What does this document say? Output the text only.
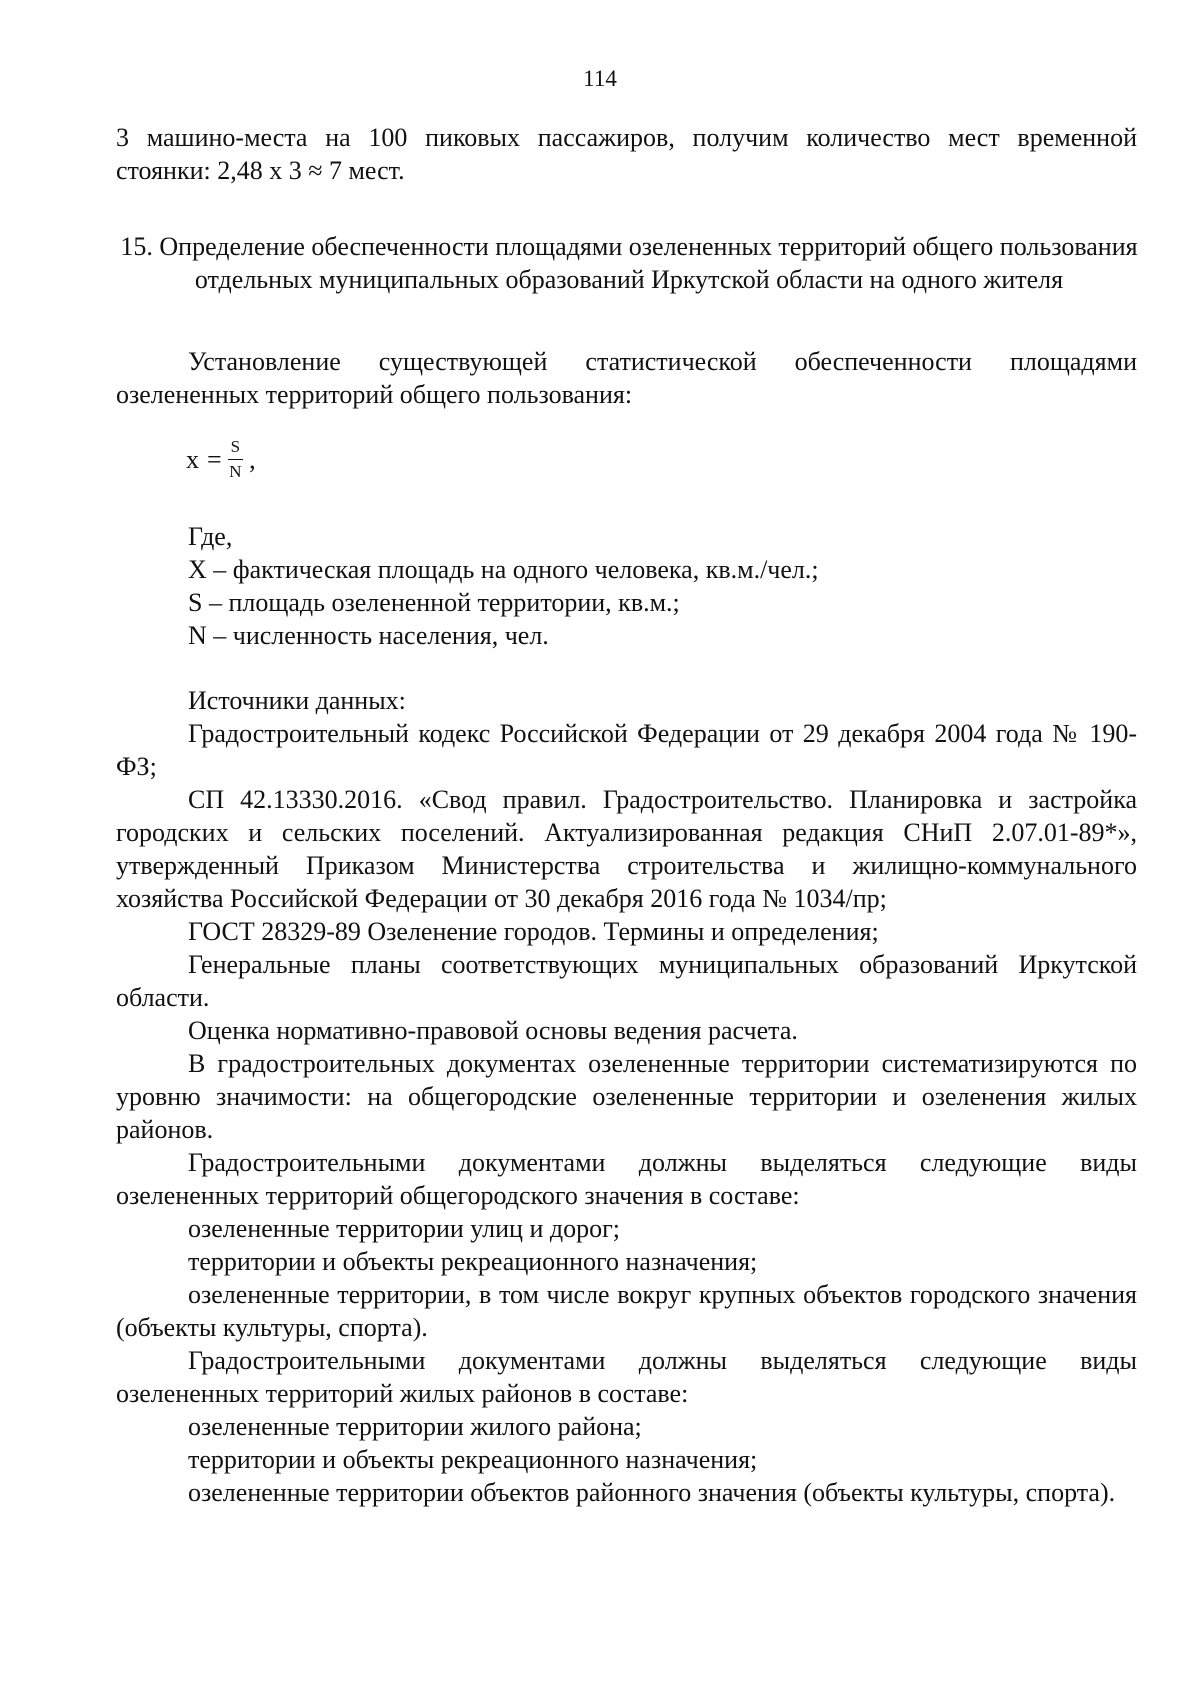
114
3 машино-места на 100 пиковых пассажиров, получим количество мест временной стоянки: 2,48 х 3 ≈ 7 мест.
15. Определение обеспеченности площадями озелененных территорий общего пользования отдельных муниципальных образований Иркутской области на одного жителя
Установление существующей статистической обеспеченности площадями озелененных территорий общего пользования:
$x = \frac{S}{N}$ ,
Где,
X – фактическая площадь на одного человека, кв.м./чел.;
S – площадь озелененной территории, кв.м.;
N – численность населения, чел.
Источники данных:
Градостроительный кодекс Российской Федерации от 29 декабря 2004 года № 190-ФЗ;
СП 42.13330.2016. «Свод правил. Градостроительство. Планировка и застройка городских и сельских поселений. Актуализированная редакция СНиП 2.07.01-89*», утвержденный Приказом Министерства строительства и жилищно-коммунального хозяйства Российской Федерации от 30 декабря 2016 года № 1034/пр;
ГОСТ 28329-89 Озеленение городов. Термины и определения;
Генеральные планы соответствующих муниципальных образований Иркутской области.
Оценка нормативно-правовой основы ведения расчета.
В градостроительных документах озелененные территории систематизируются по уровню значимости: на общегородские озелененные территории и озеленения жилых районов.
Градостроительными документами должны выделяться следующие виды озелененных территорий общегородского значения в составе:
озелененные территории улиц и дорог;
территории и объекты рекреационного назначения;
озелененные территории, в том числе вокруг крупных объектов городского значения (объекты культуры, спорта).
Градостроительными документами должны выделяться следующие виды озелененных территорий жилых районов в составе:
озелененные территории жилого района;
территории и объекты рекреационного назначения;
озелененные территории объектов районного значения (объекты культуры, спорта).
